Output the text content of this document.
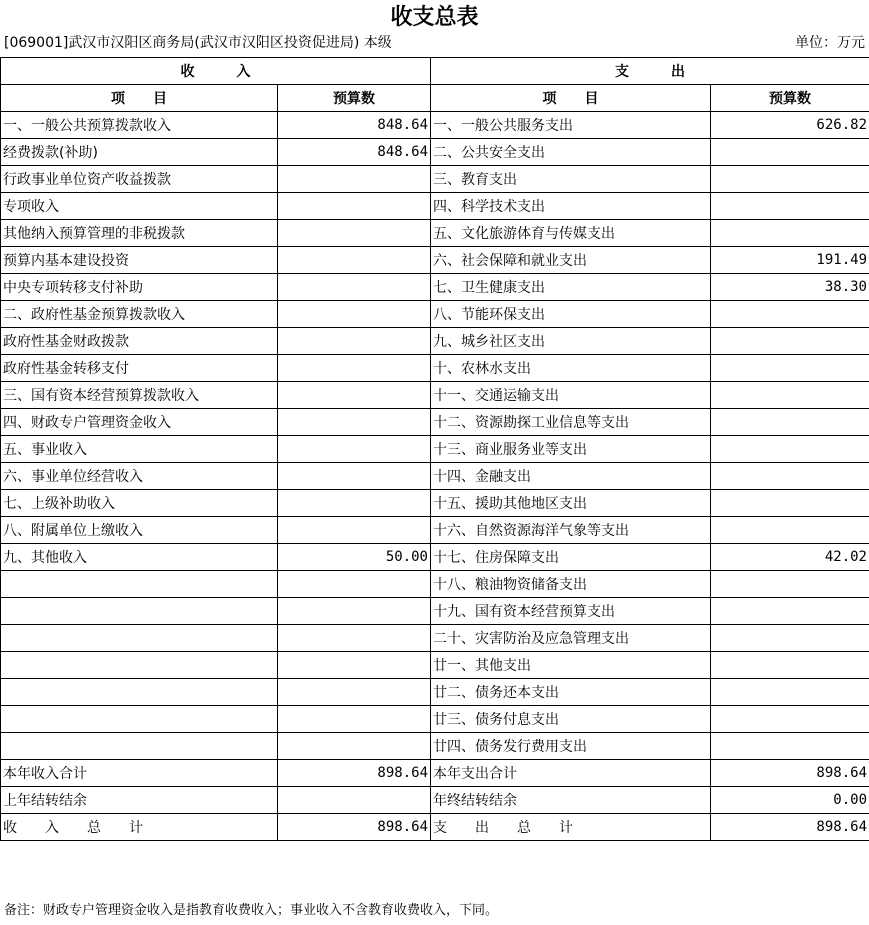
收支总表
[069001]武汉市汉阳区商务局(武汉市汉阳区投资促进局) 本级	单位：万元
收　　　入		支　　　出	
项　　目	预算数	项　　目	预算数
一、一般公共预算拨款收入	848.64	一、一般公共服务支出	626.82
经费拨款(补助)	848.64	二、公共安全支出	
行政事业单位资产收益拨款		三、教育支出	
专项收入		四、科学技术支出	
其他纳入预算管理的非税拨款		五、文化旅游体育与传媒支出	
预算内基本建设投资		六、社会保障和就业支出	191.49
中央专项转移支付补助		七、卫生健康支出	38.30
二、政府性基金预算拨款收入		八、节能环保支出	
政府性基金财政拨款		九、城乡社区支出	
政府性基金转移支付		十、农林水支出	
三、国有资本经营预算拨款收入		十一、交通运输支出	
四、财政专户管理资金收入		十二、资源勘探工业信息等支出	
五、事业收入		十三、商业服务业等支出	
六、事业单位经营收入		十四、金融支出	
七、上级补助收入		十五、援助其他地区支出	
八、附属单位上缴收入		十六、自然资源海洋气象等支出	
九、其他收入	50.00	十七、住房保障支出	42.02
		十八、粮油物资储备支出	
		十九、国有资本经营预算支出	
		二十、灾害防治及应急管理支出	
		廿一、其他支出	
		廿二、债务还本支出	
		廿三、债务付息支出	
		廿四、债务发行费用支出	
本年收入合计	898.64	本年支出合计	898.64
上年结转结余		年终结转结余	0.00
收　　入　　总　　计	898.64	支　　出　　总　　计	898.64
备注：财政专户管理资金收入是指教育收费收入；事业收入不含教育收费收入，下同。
